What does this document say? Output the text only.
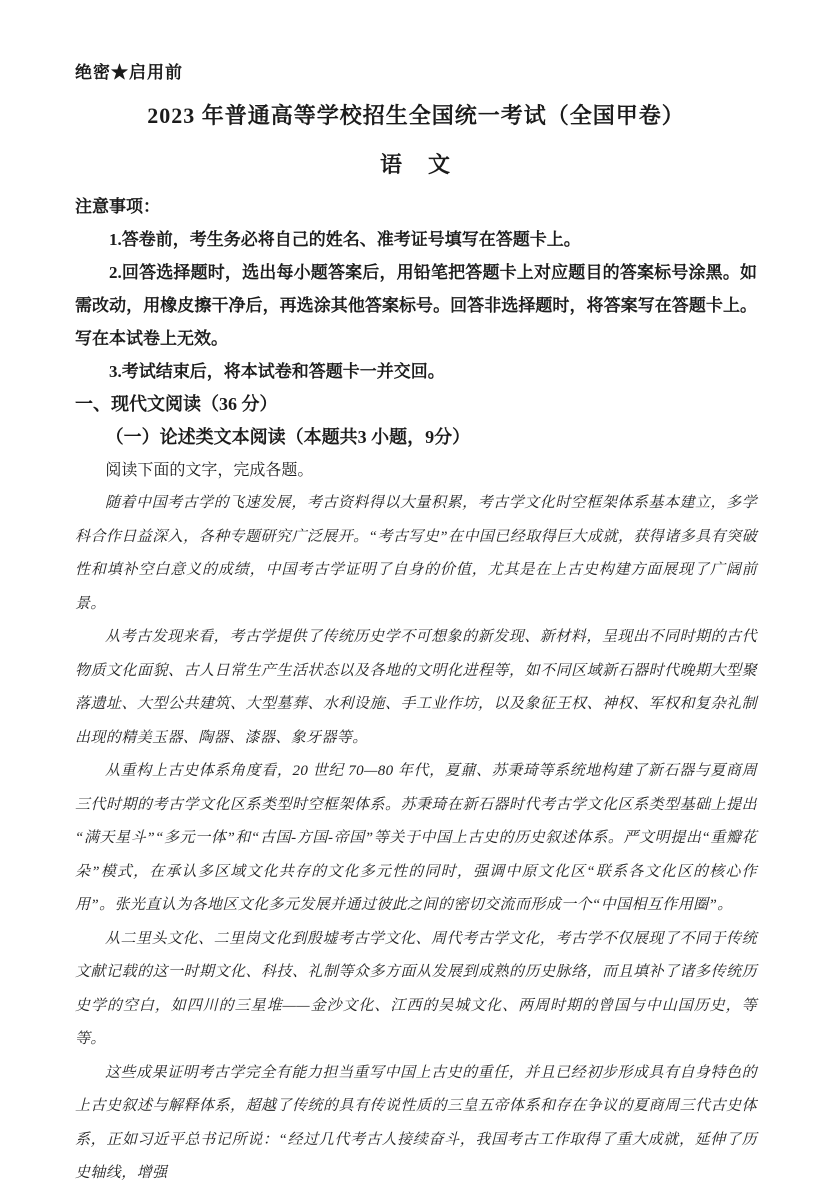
绝密★启用前
2023 年普通高等学校招生全国统一考试（全国甲卷）
语　文
注意事项：

1.答卷前，考生务必将自己的姓名、准考证号填写在答题卡上。

2.回答选择题时，选出每小题答案后，用铅笔把答题卡上对应题目的答案标号涂黑。如需改动，用橡皮擦干净后，再选涂其他答案标号。回答非选择题时，将答案写在答题卡上。写在本试卷上无效。

3.考试结束后，将本试卷和答题卡一并交回。

一、现代文阅读（36 分）
（一）论述类文本阅读（本题共3 小题，9分）

阅读下面的文字，完成各题。

随着中国考古学的飞速发展，考古资料得以大量积累，考古学文化时空框架体系基本建立，多学科合作日益深入，各种专题研究广泛展开。“考古写史”在中国已经取得巨大成就，获得诸多具有突破性和填补空白意义的成绩，中国考古学证明了自身的价值，尤其是在上古史构建方面展现了广阔前景。

从考古发现来看，考古学提供了传统历史学不可想象的新发现、新材料，呈现出不同时期的古代物质文化面貌、古人日常生产生活状态以及各地的文明化进程等，如不同区域新石器时代晚期大型聚落遗址、大型公共建筑、大型墓葬、水利设施、手工业作坊，以及象征王权、神权、军权和复杂礼制出现的精美玉器、陶器、漆器、象牙器等。

从重构上古史体系角度看，20 世纪 70—80 年代，夏鼐、苏秉琦等系统地构建了新石器与夏商周三代时期的考古学文化区系类型时空框架体系。苏秉琦在新石器时代考古学文化区系类型基础上提出“满天星斗”“多元一体”和“古国-方国-帝国”等关于中国上古史的历史叙述体系。严文明提出“重瓣花朵”模式，在承认多区域文化共存的文化多元性的同时，强调中原文化区“联系各文化区的核心作用”。张光直认为各地区文化多元发展并通过彼此之间的密切交流而形成一个“中国相互作用圈”。

从二里头文化、二里岗文化到殷墟考古学文化、周代考古学文化，考古学不仅展现了不同于传统文献记载的这一时期文化、科技、礼制等众多方面从发展到成熟的历史脉络，而且填补了诸多传统历史学的空白，如四川的三星堆——金沙文化、江西的吴城文化、两周时期的曾国与中山国历史，等等。

这些成果证明考古学完全有能力担当重写中国上古史的重任，并且已经初步形成具有自身特色的上古史叙述与解释体系，超越了传统的具有传说性质的三皇五帝体系和存在争议的夏商周三代古史体系，正如习近平总书记所说：“经过几代考古人接续奋斗，我国考古工作取得了重大成就，延伸了历史轴线，增强
